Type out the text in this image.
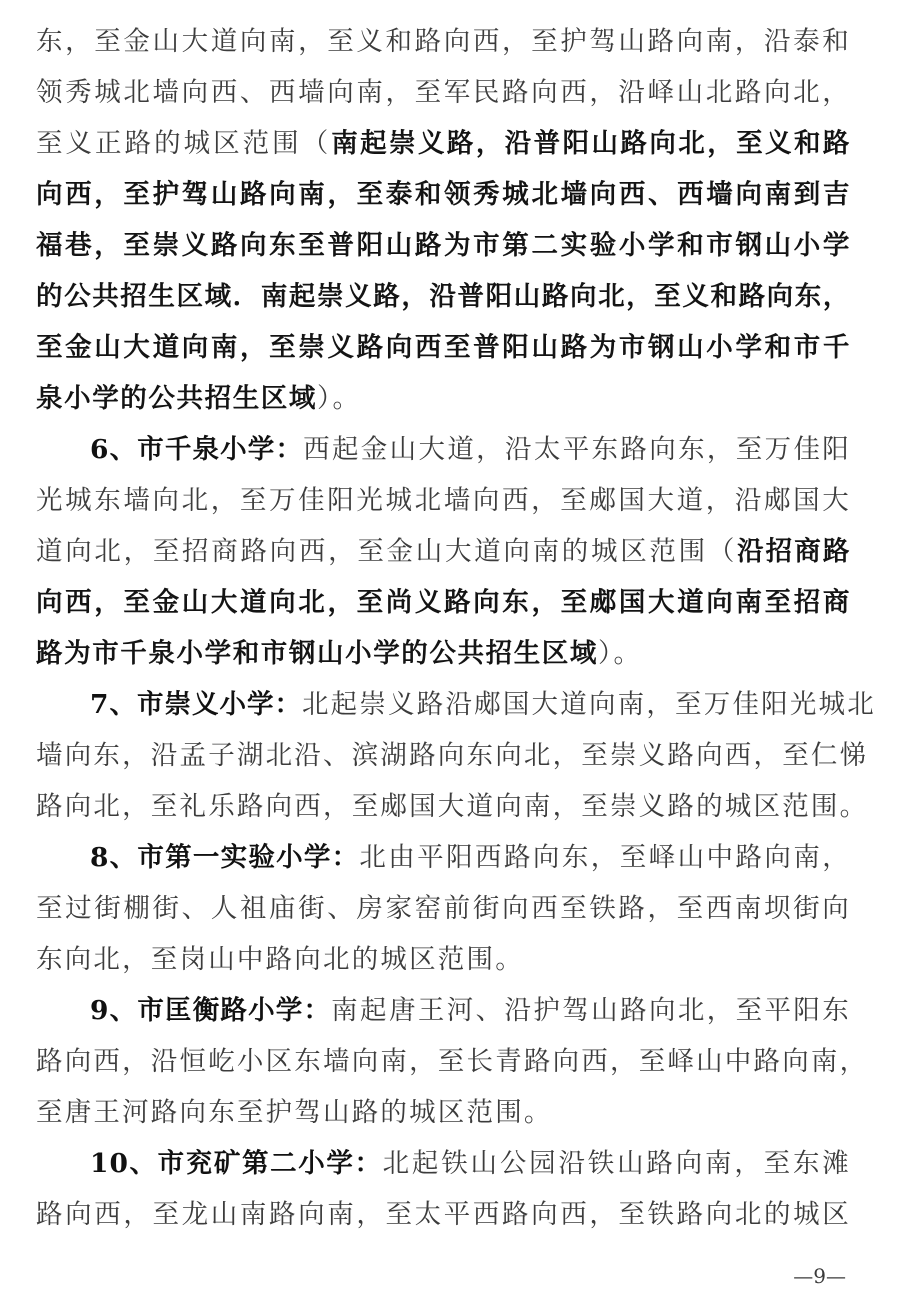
东，至金山大道向南，至义和路向西，至护驾山路向南，沿泰和
领秀城北墙向西、西墙向南，至军民路向西，沿峄山北路向北，
至义正路的城区范围（南起崇义路，沿普阳山路向北，至义和路
向西，至护驾山路向南，至泰和领秀城北墙向西、西墙向南到吉
福巷，至崇义路向东至普阳山路为市第二实验小学和市钢山小学
的公共招生区域．南起崇义路，沿普阳山路向北，至义和路向东，
至金山大道向南，至崇义路向西至普阳山路为市钢山小学和市千
泉小学的公共招生区域）。
6、市千泉小学：西起金山大道，沿太平东路向东，至万佳阳
光城东墙向北，至万佳阳光城北墙向西，至郕国大道，沿郕国大
道向北，至招商路向西，至金山大道向南的城区范围（沿招商路
向西，至金山大道向北，至尚义路向东，至郕国大道向南至招商
路为市千泉小学和市钢山小学的公共招生区域）。
7、市崇义小学：北起崇义路沿郕国大道向南，至万佳阳光城北
墙向东，沿孟子湖北沿、滨湖路向东向北，至崇义路向西，至仁悌
路向北，至礼乐路向西，至郕国大道向南，至崇义路的城区范围。
8、市第一实验小学：北由平阳西路向东，至峄山中路向南，
至过街棚街、人祖庙街、房家窑前街向西至铁路，至西南坝街向
东向北，至岗山中路向北的城区范围。
9、市匡衡路小学：南起唐王河、沿护驾山路向北，至平阳东
路向西，沿恒屹小区东墙向南，至长青路向西，至峄山中路向南，
至唐王河路向东至护驾山路的城区范围。
10、市兖矿第二小学：北起铁山公园沿铁山路向南，至东滩
路向西，至龙山南路向南，至太平西路向西，至铁路向北的城区
—9—
